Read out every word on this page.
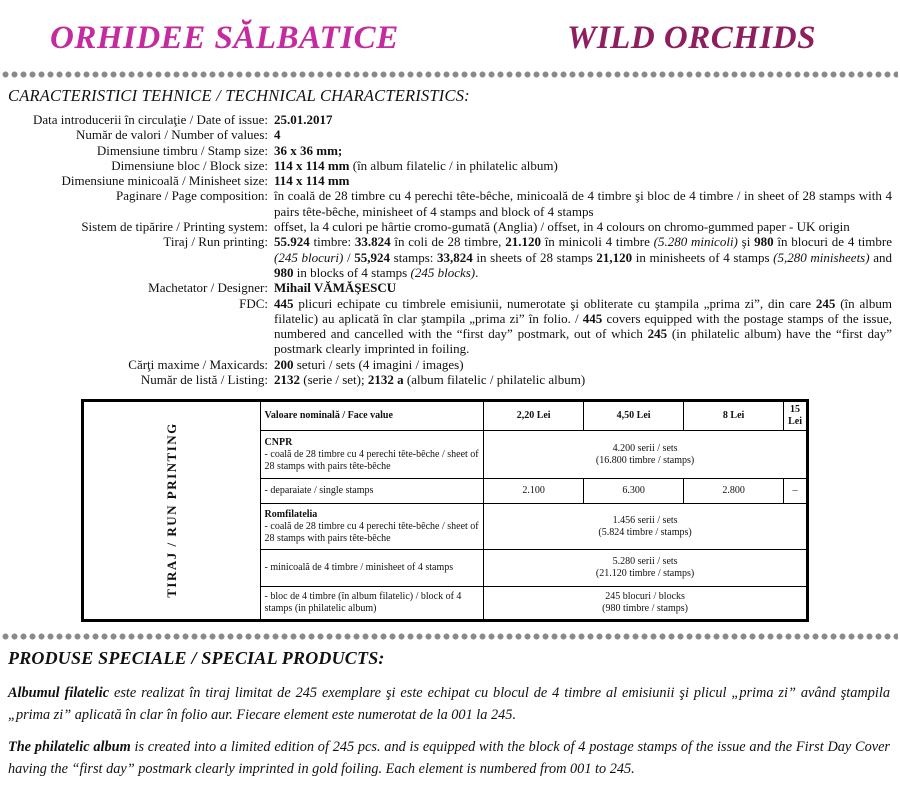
ORHIDEE SĂLBATICE	WILD ORCHIDS
CARACTERISTICI TEHNICE / TECHNICAL CHARACTERISTICS:
Data introducerii în circulaţie / Date of issue: 25.01.2017
Număr de valori / Number of values: 4
Dimensiune timbru / Stamp size: 36 x 36 mm;
Dimensiune bloc / Block size: 114 x 114 mm (în album filatelic / in philatelic album)
Dimensiune minicoală / Minisheet size: 114 x 114 mm
Paginare / Page composition: în coală de 28 timbre cu 4 perechi tête-bêche, minicoală de 4 timbre şi bloc de 4 timbre / in sheet of 28 stamps with 4 pairs tête-bêche, minisheet of 4 stamps and block of 4 stamps
Sistem de tipărire / Printing system: offset, la 4 culori pe hârtie cromo-gumată (Anglia) / offset, in 4 colours on chromo-gummed paper - UK origin
Tiraj / Run printing: 55.924 timbre: 33.824 în coli de 28 timbre, 21.120 în minicoli 4 timbre (5.280 minicoli) şi 980 în blocuri de 4 timbre (245 blocuri) / 55,924 stamps: 33,824 in sheets of 28 stamps 21,120 in minisheets of 4 stamps (5,280 minisheets) and 980 in blocks of 4 stamps (245 blocks).
Machetator / Designer: Mihail VĂMĂŞESCU
FDC: 445 plicuri echipate cu timbrele emisiunii, numerotate şi obliterate cu ştampila „prima zi”, din care 245 (în album filatelic) au aplicată în clar ştampila „prima zi” în folio. / 445 covers equipped with the postage stamps of the issue, numbered and cancelled with the “first day” postmark, out of which 245 (in philatelic album) have the “first day” postmark clearly imprinted in foiling.
Cărţi maxime / Maxicards: 200 seturi / sets (4 imagini / images)
Număr de listă / Listing: 2132 (serie / set); 2132 a (album filatelic / philatelic album)
TIRAJ / RUN PRINTING	Valoare nominală / Face value	2,20 Lei	4,50 Lei	8 Lei	15 Lei
	CNPR
- coală de 28 timbre cu 4 perechi tête-bêche / sheet of 28 stamps with pairs tête-bêche	4.200 serii / sets
(16.800 timbre / stamps)			
	- deparaiate / single stamps	2.100	6.300	2.800	–
	Romfilatelia
- coală de 28 timbre cu 4 perechi tête-bêche / sheet of 28 stamps with pairs tête-bêche	1.456 serii / sets
(5.824 timbre / stamps)			
	- minicoală de 4 timbre / minisheet of 4 stamps	5.280 serii / sets
(21.120 timbre / stamps)			
	- bloc de 4 timbre (în album filatelic) / block of 4 stamps (in philatelic album)	245 blocuri / blocks
(980 timbre / stamps)			
PRODUSE SPECIALE / SPECIAL PRODUCTS:
Albumul filatelic este realizat în tiraj limitat de 245 exemplare şi este echipat cu blocul de 4 timbre al emisiunii şi plicul „prima zi” având ştampila „prima zi” aplicată în clar în folio aur. Fiecare element este numerotat de la 001 la 245.
The philatelic album is created into a limited edition of 245 pcs. and is equipped with the block of 4 postage stamps of the issue and the First Day Cover having the “first day” postmark clearly imprinted in gold foiling. Each element is numbered from 001 to 245.
